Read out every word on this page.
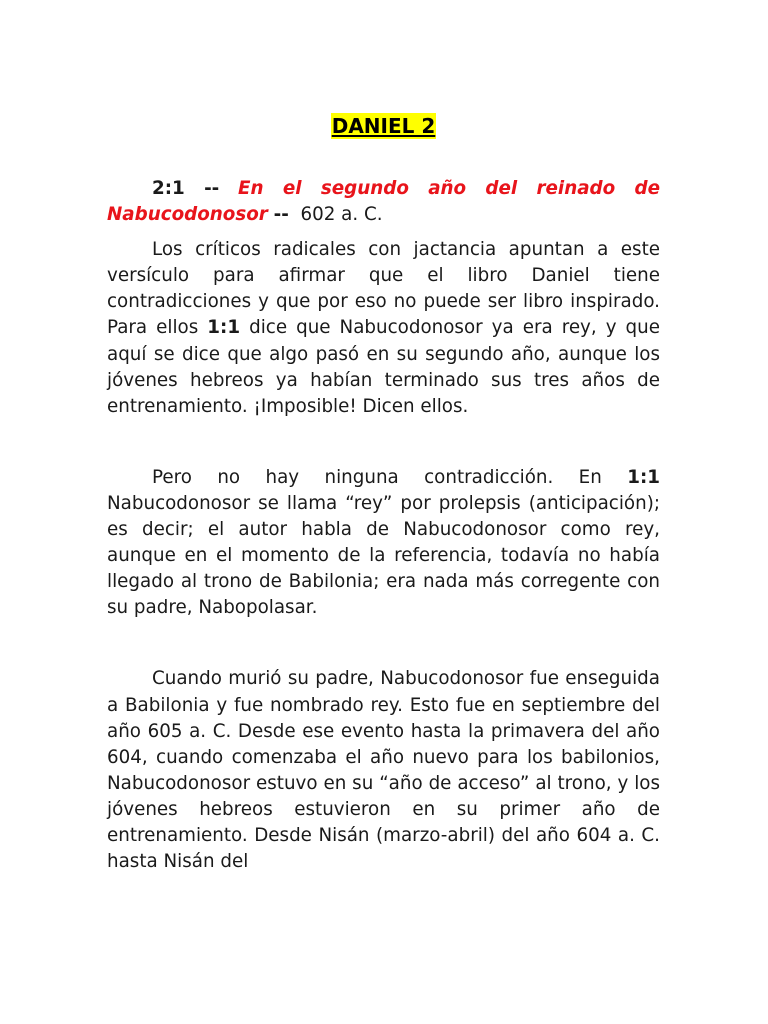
DANIEL 2

2:1 -- En el segundo año del reinado de Nabucodonosor -- 602 a. C.

Los críticos radicales con jactancia apuntan a este versículo para afirmar que el libro Daniel tiene contradicciones y que por eso no puede ser libro inspirado. Para ellos 1:1 dice que Nabucodonosor ya era rey, y que aquí se dice que algo pasó en su segundo año, aunque los jóvenes hebreos ya habían terminado sus tres años de entrenamiento. ¡Imposible! Dicen ellos.

Pero no hay ninguna contradicción. En 1:1 Nabucodonosor se llama “rey” por prolepsis (anticipación); es decir; el autor habla de Nabucodonosor como rey, aunque en el momento de la referencia, todavía no había llegado al trono de Babilonia; era nada más corregente con su padre, Nabopolasar.

Cuando murió su padre, Nabucodonosor fue enseguida a Babilonia y fue nombrado rey. Esto fue en septiembre del año 605 a. C. Desde ese evento hasta la primavera del año 604, cuando comenzaba el año nuevo para los babilonios, Nabucodonosor estuvo en su “año de acceso” al trono, y los jóvenes hebreos estuvieron en su primer año de entrenamiento. Desde Nisán (marzo-abril) del año 604 a. C. hasta Nisán del
